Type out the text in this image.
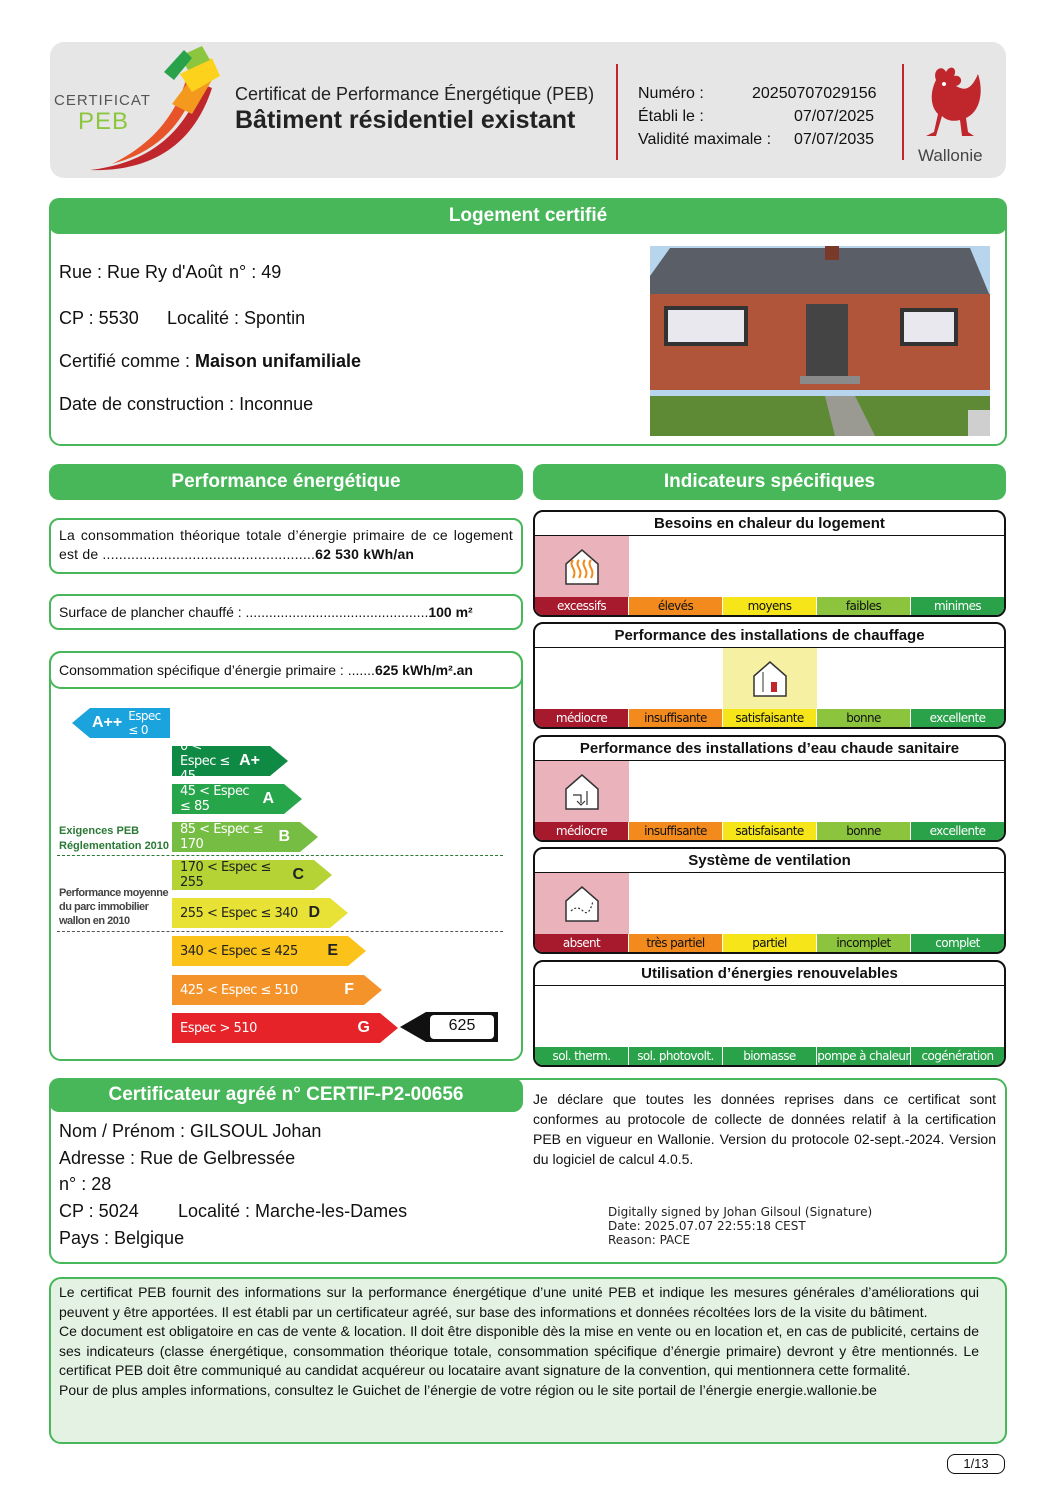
CERTIFICAT
PEB
Certificat de Performance Énergétique (PEB)
Bâtiment résidentiel existant
Numéro :	20250707029156
Établi le :	07/07/2025
Validité maximale : 07/07/2035
Wallonie
Logement certifié
Rue : Rue Ry d'Août n° : 49
CP : 5530 Localité : Spontin
Certifié comme : Maison unifamiliale
Date de construction : Inconnue
Performance énergétique
La consommation théorique totale d’énergie primaire de ce logement est de ....................................................62 530 kWh/an
Surface de plancher chauffé : ...............................................100 m²
Consommation spécifique d’énergie primaire : .......625 kWh/m².an
A++ Espec ≤ 0
0 < Espec ≤ 45
A+
45 < Espec ≤ 85	A
85 < Espec ≤ 170	B
170 < Espec ≤ 255	C
255 < Espec ≤ 340 D
340 < Espec ≤ 425	E
425 < Espec ≤ 510	F
Espec > 510	G
Exigences PEB
Réglementation 2010
Performance moyenne
du parc immobilier
wallon en 2010
625
Indicateurs spécifiques
Besoins en chaleur du logement
excessifs	élevés	moyens	faibles	minimes
Performance des installations de chauffage
médiocre	insuffisante	satisfaisante	bonne	excellente
Performance des installations d’eau chaude sanitaire
médiocre	insuffisante	satisfaisante	bonne	excellente
Système de ventilation
absent	très partiel	partiel	incomplet	complet
Utilisation d’énergies renouvelables
sol. therm.	sol. photovolt.	biomasse	pompe à chaleur cogénération
Certificateur agréé n° CERTIF-P2-00656
Nom / Prénom : GILSOUL Johan
Adresse : Rue de Gelbressée
n° : 28
CP : 5024 Localité : Marche-les-Dames
Pays : Belgique
Je déclare que toutes les données reprises dans ce certificat sont conformes au protocole de collecte de données relatif à la certification PEB en vigueur en Wallonie. Version du protocole 02-sept.-2024. Version du logiciel de calcul 4.0.5.
Digitally signed by Johan Gilsoul (Signature)
Date: 2025.07.07 22:55:18 CEST
Reason: PACE
Le certificat PEB fournit des informations sur la performance énergétique d’une unité PEB et indique les mesures générales d’améliorations qui peuvent y être apportées. Il est établi par un certificateur agréé, sur base des informations et données récoltées lors de la visite du bâtiment.
Ce document est obligatoire en cas de vente & location. Il doit être disponible dès la mise en vente ou en location et, en cas de publicité, certains de ses indicateurs (classe énergétique, consommation théorique totale, consommation spécifique d’énergie primaire) devront y être mentionnés. Le certificat PEB doit être communiqué au candidat acquéreur ou locataire avant signature de la convention, qui mentionnera cette formalité.
Pour de plus amples informations, consultez le Guichet de l’énergie de votre région ou le site portail de l’énergie energie.wallonie.be
1/13
